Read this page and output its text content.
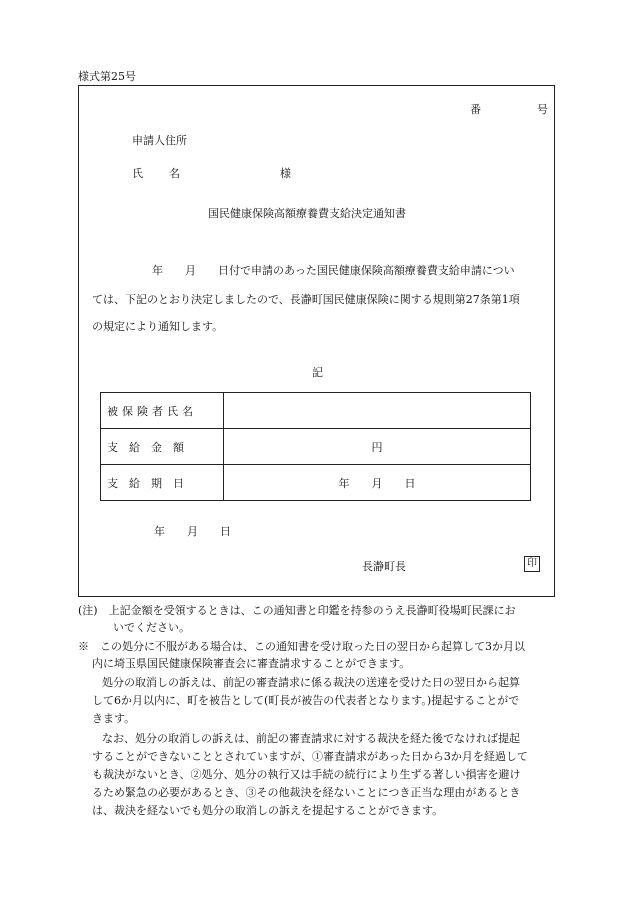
様式第25号
番	号
申請人住所
氏 名	様
国民健康保険高額療養費支給決定通知書
年　　月　　日付で申請のあった国民健康保険高額療養費支給申請につい
ては、下記のとおり決定しましたので、長瀞町国民健康保険に関する規則第27条第1項
の規定により通知します。
記
被保険者氏名	
支　給　金　額	円
支　給　期　日	年　　月　　日
年　　月　　日
長瀞町長	印
(注)　上記金額を受領するときは、この通知書と印鑑を持参のうえ長瀞町役場町民課にお
いでください。
※　この処分に不服がある場合は、この通知書を受け取った日の翌日から起算して3か月以
内に埼玉県国民健康保険審査会に審査請求することができます。
処分の取消しの訴えは、前記の審査請求に係る裁決の送達を受けた日の翌日から起算
して6か月以内に、町を被告として(町長が被告の代表者となります。)提起することがで
きます。
なお、処分の取消しの訴えは、前記の審査請求に対する裁決を経た後でなければ提起
することができないこととされていますが、①審査請求があった日から3か月を経過して
も裁決がないとき、②処分、処分の執行又は手続の続行により生ずる著しい損害を避け
るため緊急の必要があるとき、③その他裁決を経ないことにつき正当な理由があるとき
は、裁決を経ないでも処分の取消しの訴えを提起することができます。
